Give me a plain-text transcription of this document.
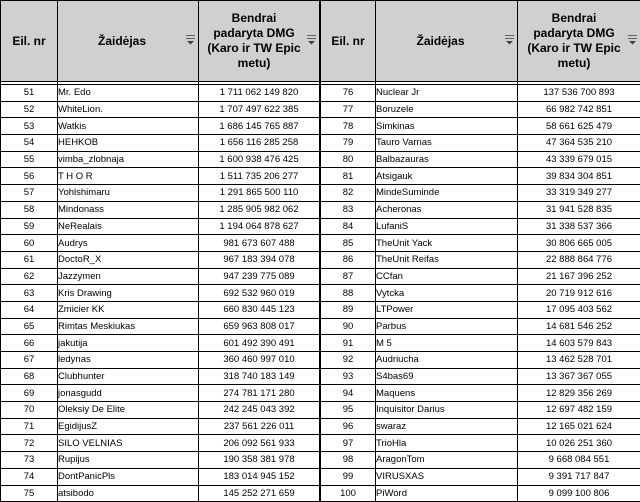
Eil. nr	Žaidėjas	Bendrai
padaryta DMG
(Karo ir TW Epic
metu)

51	Mr. Edo	1 711 062 149 820
52	WhiteLion.	1 707 497 622 385
53	Watkis	1 686 145 765 887
54	HEHKOB	1 656 116 285 258
55	vimba_zlobnaja	1 600 938 476 425
56	T H O R	1 511 735 206 277
57	Yohlshimaru	1 291 865 500 110
58	Mindonass	1 285 905 982 062
59	NeRealais	1 194 064 878 627
60	Audrys	981 673 607 488
61	DoctoR_X	967 183 394 078
62	Jazzymen	947 239 775 089
63	Kris Drawing	692 532 960 019
64	Zmicier KK	660 830 445 123
65	Rimtas Meskiukas	659 963 808 017
66	jakutija	601 492 390 491
67	ledynas	360 460 997 010
68	Clubhunter	318 740 183 149
69	jonasgudd	274 781 171 280
70	Oleksiy De Elite	242 245 043 392
71	EgidijusZ	237 561 226 011
72	SILO VELNIAS	206 092 561 933
73	Rupijus	190 358 381 978
74	DontPanicPls	183 014 945 152
75	atsibodo	145 252 271 659
Eil. nr	Žaidėjas	Bendrai
padaryta DMG
(Karo ir TW Epic
metu)

76	Nuclear Jr	137 536 700 893
77	Boruzele	66 982 742 851
78	Simkinas	58 661 625 479
79	Tauro Varnas	47 364 535 210
80	Balbazauras	43 339 679 015
81	Atsigauk	39 834 304 851
82	MindeSuminde	33 319 349 277
83	Acheronas	31 941 528 835
84	LufaniS	31 338 537 366
85	TheUnit Yack	30 806 665 005
86	TheUnit Reifas	22 888 864 776
87	CCfan	21 167 396 252
88	Vytcka	20 719 912 616
89	LTPower	17 095 403 562
90	Parbus	14 681 546 252
91	M 5	14 603 579 843
92	Audriucha	13 462 528 701
93	S4bas69	13 367 367 055
94	Maquens	12 829 356 269
95	Inquisitor Darius	12 697 482 159
96	swaraz	12 165 021 624
97	TrioHla	10 026 251 360
98	AragonTom	9 668 084 551
99	VIRUSXAS	9 391 717 847
100	PiWord	9 099 100 806
